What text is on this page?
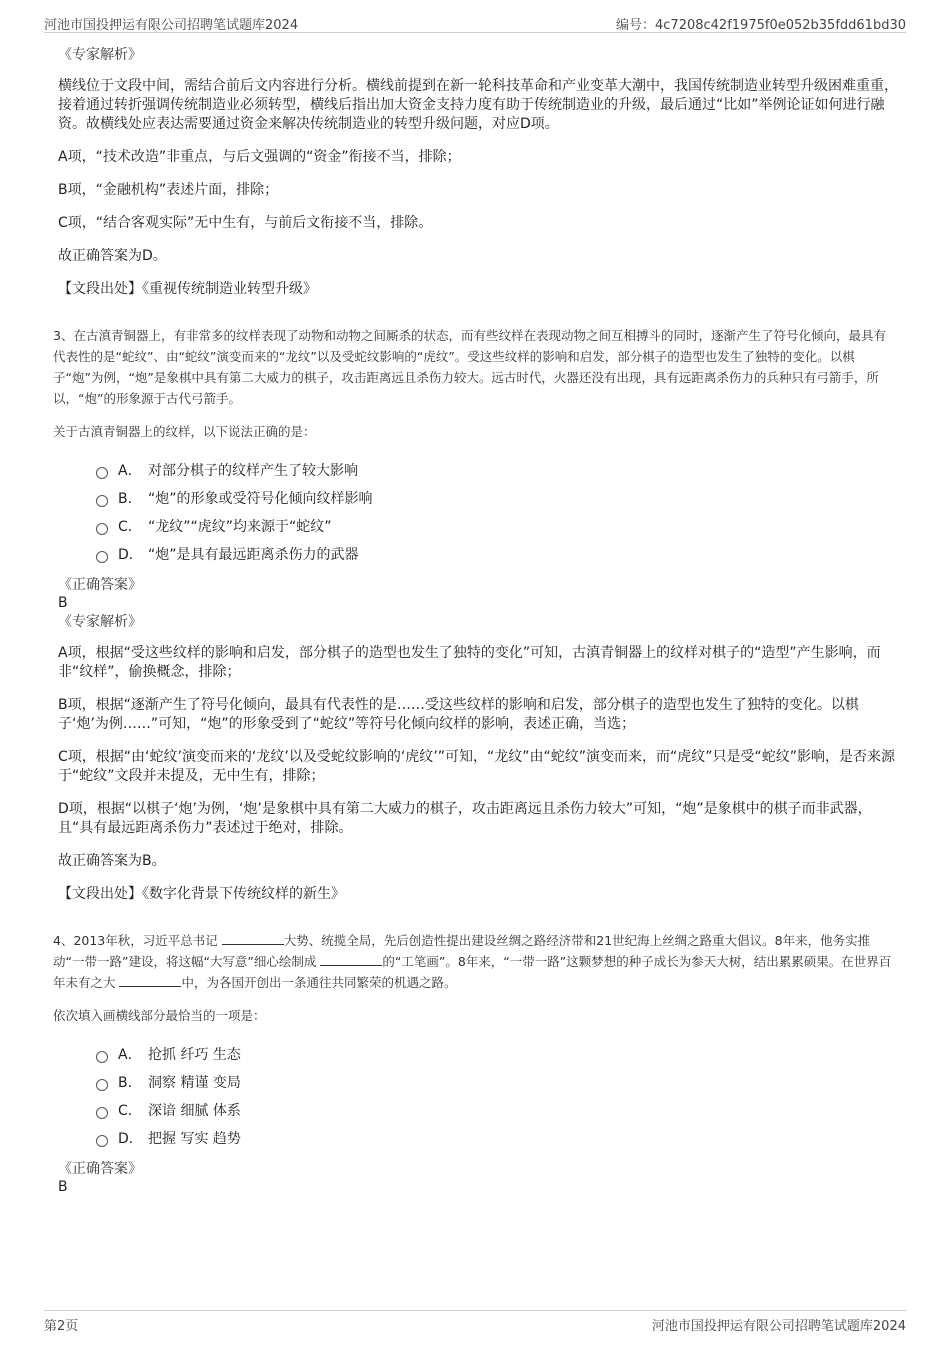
河池市国投押运有限公司招聘笔试题库2024	编号：4c7208c42f1975f0e052b35fdd61bd30
《专家解析》
横线位于文段中间，需结合前后文内容进行分析。横线前提到在新一轮科技革命和产业变革大潮中，我国传统制造业转型升级困难重重，接着通过转折强调传统制造业必须转型，横线后指出加大资金支持力度有助于传统制造业的升级，最后通过“比如”举例论证如何进行融资。故横线处应表达需要通过资金来解决传统制造业的转型升级问题，对应D项。
A项，“技术改造”非重点，与后文强调的“资金”衔接不当，排除；
B项，“金融机构”表述片面，排除；
C项，“结合客观实际”无中生有，与前后文衔接不当，排除。
故正确答案为D。
【文段出处】《重视传统制造业转型升级》
3、在古滇青铜器上，有非常多的纹样表现了动物和动物之间厮杀的状态，而有些纹样在表现动物之间互相搏斗的同时，逐渐产生了符号化倾向，最具有代表性的是“蛇纹”、由“蛇纹”演变而来的“龙纹”以及受蛇纹影响的“虎纹”。受这些纹样的影响和启发，部分棋子的造型也发生了独特的变化。以棋子“炮”为例，“炮”是象棋中具有第二大威力的棋子，攻击距离远且杀伤力较大。远古时代，火器还没有出现，具有远距离杀伤力的兵种只有弓箭手，所以，“炮”的形象源于古代弓箭手。
关于古滇青铜器上的纹样，以下说法正确的是：
A． 对部分棋子的纹样产生了较大影响
B． “炮”的形象或受符号化倾向纹样影响
C． “龙纹”“虎纹”均来源于“蛇纹”
D． “炮”是具有最远距离杀伤力的武器
《正确答案》
B
《专家解析》
A项，根据“受这些纹样的影响和启发，部分棋子的造型也发生了独特的变化”可知，古滇青铜器上的纹样对棋子的“造型”产生影响，而非“纹样”，偷换概念，排除；
B项，根据“逐渐产生了符号化倾向，最具有代表性的是……受这些纹样的影响和启发，部分棋子的造型也发生了独特的变化。以棋子‘炮’为例……”可知，“炮”的形象受到了“蛇纹”等符号化倾向纹样的影响，表述正确，当选；
C项，根据“由‘蛇纹’演变而来的‘龙纹’以及受蛇纹影响的‘虎纹’”可知，“龙纹”由“蛇纹”演变而来，而“虎纹”只是受“蛇纹”影响，是否来源于“蛇纹”文段并未提及，无中生有，排除；
D项，根据“以棋子‘炮’为例，‘炮’是象棋中具有第二大威力的棋子，攻击距离远且杀伤力较大”可知，“炮”是象棋中的棋子而非武器，且“具有最远距离杀伤力”表述过于绝对，排除。
故正确答案为B。
【文段出处】《数字化背景下传统纹样的新生》
4、2013年秋，习近平总书记	大势、统揽全局，先后创造性提出建设丝绸之路经济带和21世纪海上丝绸之路重大倡议。8年来，他务实推动“一带一路”建设，将这幅“大写意”细心绘制成	的“工笔画”。8年来，“一带一路”这颗梦想的种子成长为参天大树，结出累累硕果。在世界百年未有之大	中，为各国开创出一条通往共同繁荣的机遇之路。
依次填入画横线部分最恰当的一项是：
A． 抢抓 纤巧 生态
B． 洞察 精谨 变局
C． 深谙 细腻 体系
D． 把握 写实 趋势
《正确答案》
B
第2页	河池市国投押运有限公司招聘笔试题库2024
